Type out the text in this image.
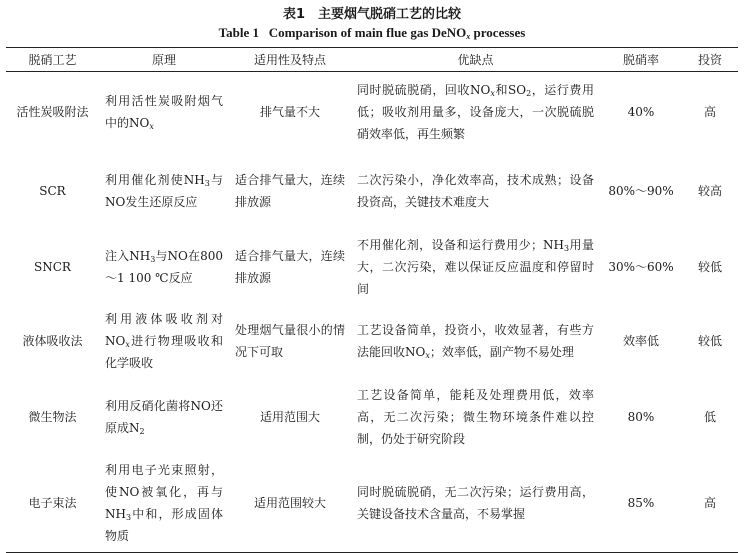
表1　主要烟气脱硝工艺的比较
Table 1 Comparison of main flue gas DeNO$_x$ processes
脱硝工艺	原理	适用性及特点	优缺点	脱硝率	投资
活性炭吸附法	利用活性炭吸附烟气中的$NO_x$	排气量不大	同时脱硫脱硝，回收$NO_x$和$SO_2$，运行费用低；吸收剂用量多，设备庞大，一次脱硫脱硝效率低，再生频繁	40%	高
SCR	利用催化剂使$NH_3$与NO发生还原反应	适合排气量大，连续排放源	二次污染小，净化效率高，技术成熟；设备投资高，关键技术难度大	80%～90%	较高
SNCR	注入$NH_3$与NO在800～1 100 ℃反应	适合排气量大，连续排放源	不用催化剂，设备和运行费用少；$NH_3$用量大，二次污染，难以保证反应温度和停留时间	30%～60%	较低
液体吸收法	利用液体吸收剂对$NO_x$进行物理吸收和化学吸收	处理烟气量很小的情况下可取	工艺设备简单，投资小，收效显著，有些方法能回收$NO_x$；效率低，副产物不易处理	效率低	较低
微生物法	利用反硝化菌将NO还原成$N_2$	适用范围大	工艺设备简单，能耗及处理费用低，效率高，无二次污染；微生物环境条件难以控制，仍处于研究阶段	80%	低
电子束法	利用电子光束照射，使NO被氧化，再与$NH_3$中和，形成固体物质	适用范围较大	同时脱硫脱硝，无二次污染；运行费用高，关键设备技术含量高，不易掌握	85%	高
